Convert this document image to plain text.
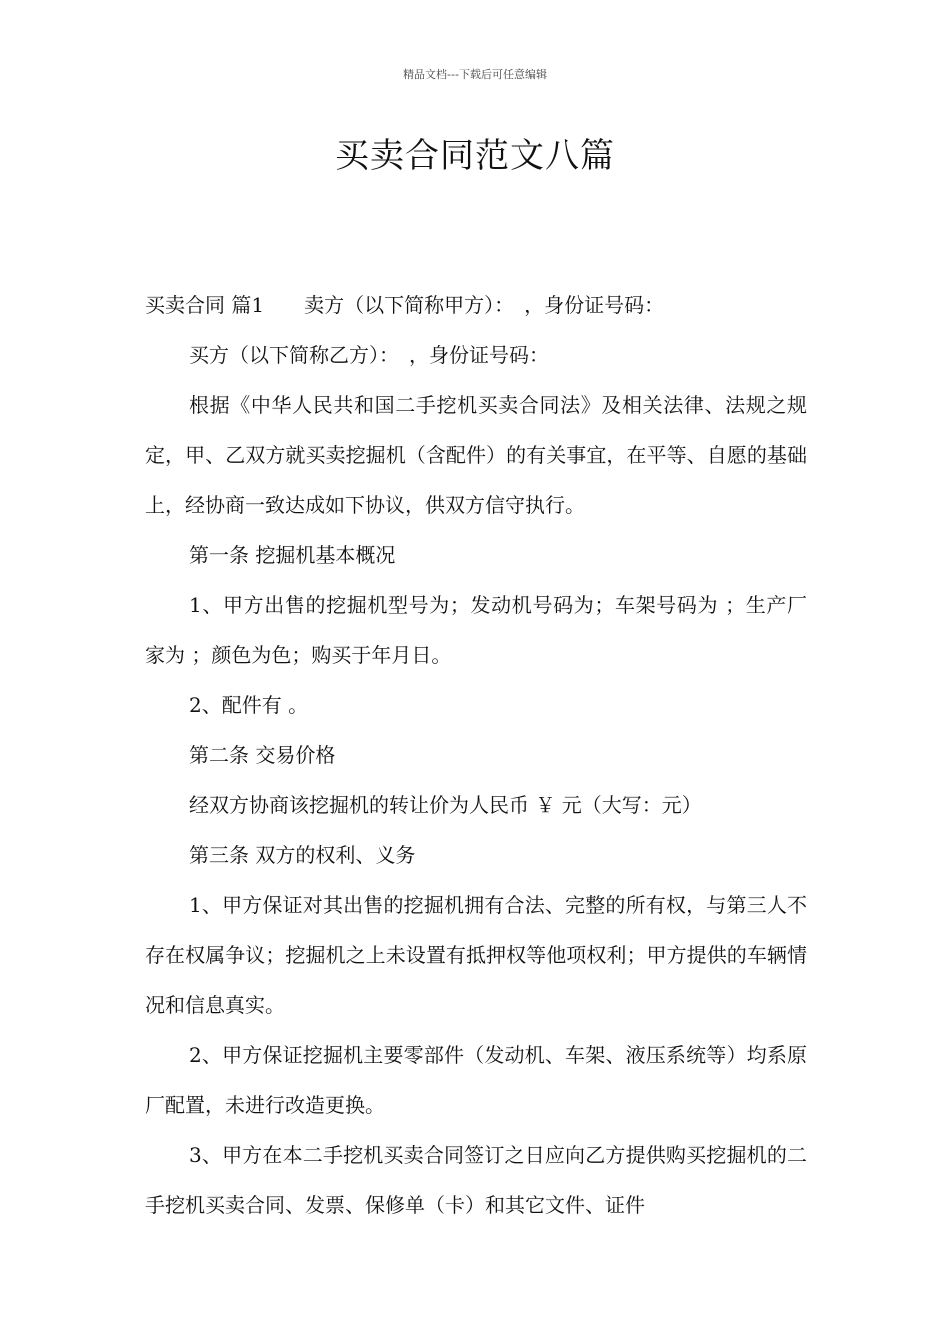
精品文档---下载后可任意编辑
买卖合同范文八篇

买卖合同 篇1 卖方（以下简称甲方）：　，身份证号码：

买方（以下简称乙方）：　，身份证号码：

根据《中华人民共和国二手挖机买卖合同法》及相关法律、法规之规定，甲、乙双方就买卖挖掘机（含配件）的有关事宜，在平等、自愿的基础上，经协商一致达成如下协议，供双方信守执行。

第一条 挖掘机基本概况

1、甲方出售的挖掘机型号为；发动机号码为；车架号码为 ；生产厂家为 ；颜色为色；购买于年月日。

2、配件有 。

第二条 交易价格

经双方协商该挖掘机的转让价为人民币 ￥ 元（大写：元）

第三条 双方的权利、义务

1、甲方保证对其出售的挖掘机拥有合法、完整的所有权，与第三人不存在权属争议；挖掘机之上未设置有抵押权等他项权利；甲方提供的车辆情况和信息真实。

2、甲方保证挖掘机主要零部件（发动机、车架、液压系统等）均系原厂配置，未进行改造更换。

3、甲方在本二手挖机买卖合同签订之日应向乙方提供购买挖掘机的二手挖机买卖合同、发票、保修单（卡）和其它文件、证件
